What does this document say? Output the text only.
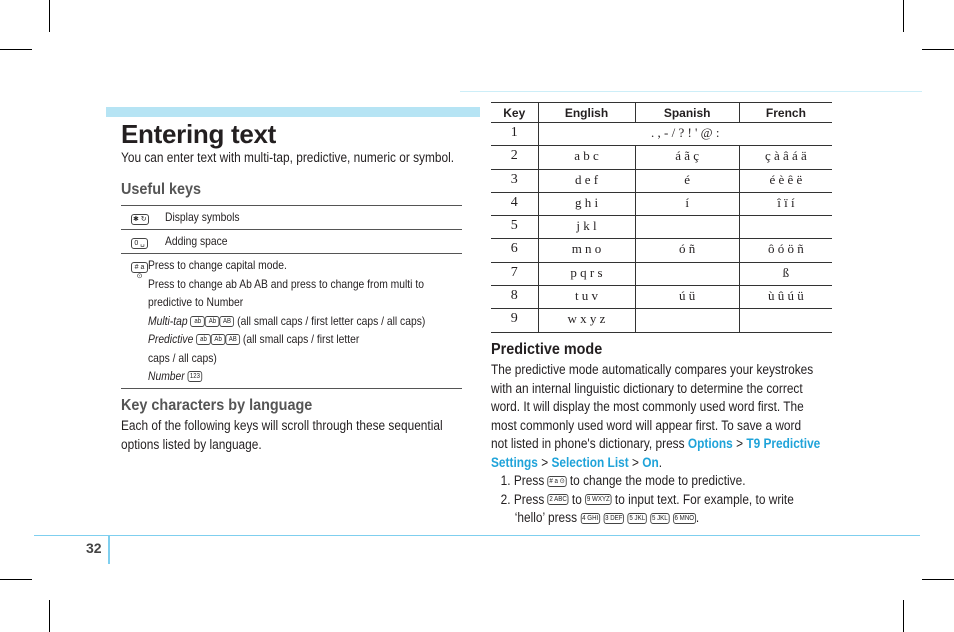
Entering text
You can enter text with multi-tap, predictive, numeric or symbol.
Useful keys
✱ ↻	Display symbols
0 ␣	Adding space
# a ⊙
Press to change capital mode.
Press to change ab Ab AB and press to change from multi to
predictive to Number
Multi-tap ab Ab AB (all small caps / first letter caps / all caps)
Predictive ab Ab AB (all small caps / first letter
caps / all caps)
Number 123
Key characters by language
Each of the following keys will scroll through these sequential
options listed by language.
Key	English	Spanish	French
1	. , - / ? ! ' @ :		
2	a b c	á ã ç	ç à â á ä
3	d e f	é	é è ê ë
4	g h i	í	î ï í
5	j k l		
6	m n o	ó ñ	ô ó ö ñ
7	p q r s		ß
8	t u v	ú ü	ù û ú ü
9	w x y z		
Predictive mode
The predictive mode automatically compares your keystrokes
with an internal linguistic dictionary to determine the correct
word. It will display the most commonly used word first. The
most commonly used word will appear first. To save a word
not listed in phone's dictionary, press Options > T9 Predictive
Settings > Selection List > On.
1. Press # a ⊙ to change the mode to predictive.
2. Press 2 ABC to 9 WXYZ to input text. For example, to write
‘hello’ press 4 GHI 3 DEF 5 JKL 5 JKL 6 MNO .
32
